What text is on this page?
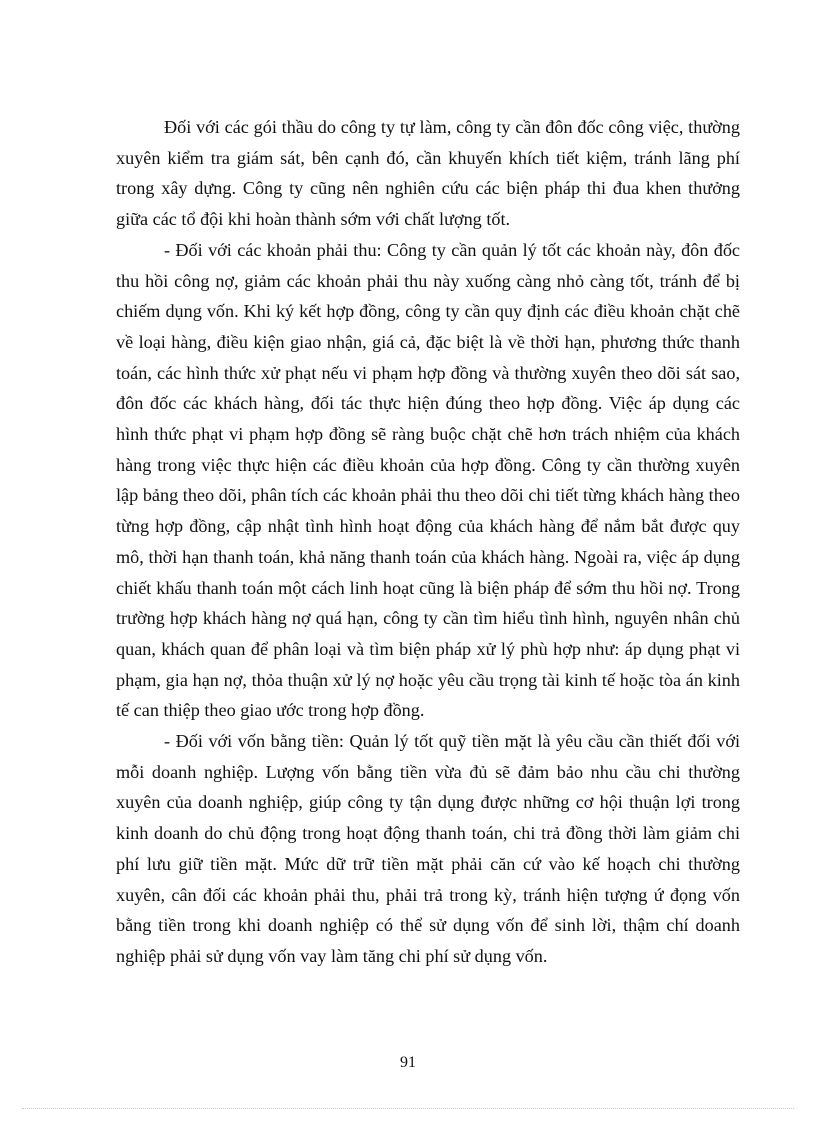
Đối với các gói thầu do công ty tự làm, công ty cần đôn đốc công việc, thường xuyên kiểm tra giám sát, bên cạnh đó, cần khuyến khích tiết kiệm, tránh lãng phí trong xây dựng. Công ty cũng nên nghiên cứu các biện pháp thi đua khen thưởng giữa các tổ đội khi hoàn thành sớm với chất lượng tốt.

- Đối với các khoản phải thu: Công ty cần quản lý tốt các khoản này, đôn đốc thu hồi công nợ, giảm các khoản phải thu này xuống càng nhỏ càng tốt, tránh để bị chiếm dụng vốn. Khi ký kết hợp đồng, công ty cần quy định các điều khoản chặt chẽ về loại hàng, điều kiện giao nhận, giá cả, đặc biệt là về thời hạn, phương thức thanh toán, các hình thức xử phạt nếu vi phạm hợp đồng và thường xuyên theo dõi sát sao, đôn đốc các khách hàng, đối tác thực hiện đúng theo hợp đồng. Việc áp dụng các hình thức phạt vi phạm hợp đồng sẽ ràng buộc chặt chẽ hơn trách nhiệm của khách hàng trong việc thực hiện các điều khoản của hợp đồng. Công ty cần thường xuyên lập bảng theo dõi, phân tích các khoản phải thu theo dõi chi tiết từng khách hàng theo từng hợp đồng, cập nhật tình hình hoạt động của khách hàng để nắm bắt được quy mô, thời hạn thanh toán, khả năng thanh toán của khách hàng. Ngoài ra, việc áp dụng chiết khấu thanh toán một cách linh hoạt cũng là biện pháp để sớm thu hồi nợ. Trong trường hợp khách hàng nợ quá hạn, công ty cần tìm hiểu tình hình, nguyên nhân chủ quan, khách quan để phân loại và tìm biện pháp xử lý phù hợp như: áp dụng phạt vi phạm, gia hạn nợ, thỏa thuận xử lý nợ hoặc yêu cầu trọng tài kinh tế hoặc tòa án kinh tế can thiệp theo giao ước trong hợp đồng.

- Đối với vốn bằng tiền: Quản lý tốt quỹ tiền mặt là yêu cầu cần thiết đối với mỗi doanh nghiệp. Lượng vốn bằng tiền vừa đủ sẽ đảm bảo nhu cầu chi thường xuyên của doanh nghiệp, giúp công ty tận dụng được những cơ hội thuận lợi trong kinh doanh do chủ động trong hoạt động thanh toán, chi trả đồng thời làm giảm chi phí lưu giữ tiền mặt. Mức dữ trữ tiền mặt phải căn cứ vào kế hoạch chi thường xuyên, cân đối các khoản phải thu, phải trả trong kỳ, tránh hiện tượng ứ đọng vốn bằng tiền trong khi doanh nghiệp có thể sử dụng vốn để sinh lời, thậm chí doanh nghiệp phải sử dụng vốn vay làm tăng chi phí sử dụng vốn.

91
